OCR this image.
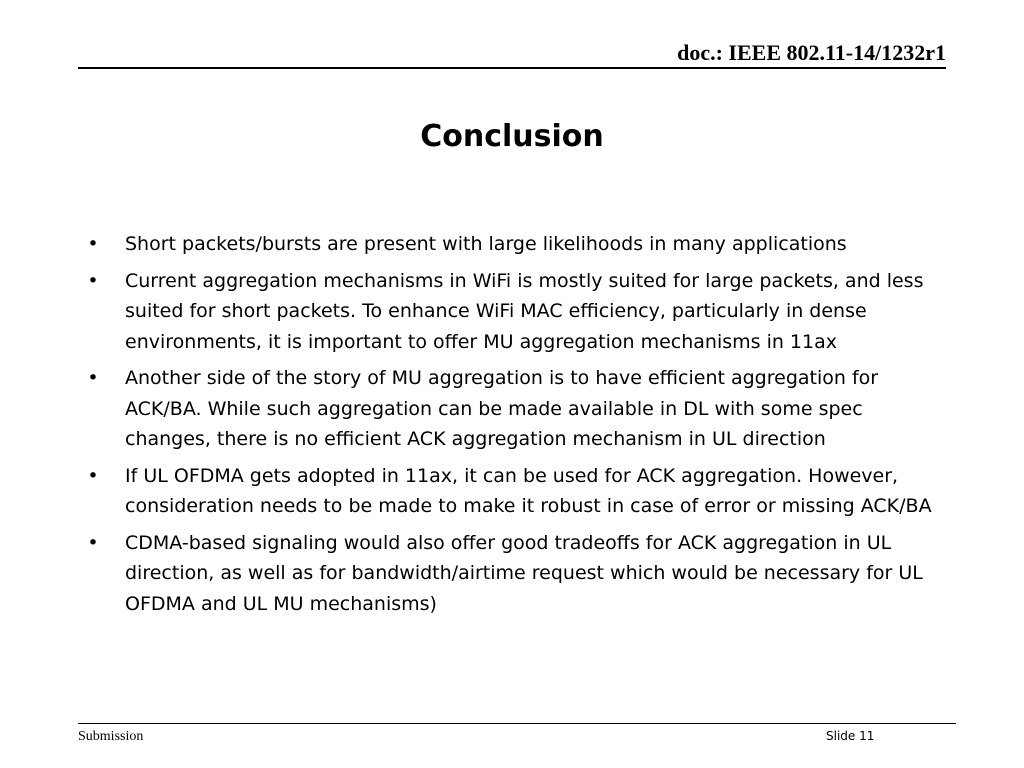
doc.: IEEE 802.11-14/1232r1
Conclusion
• Short packets/bursts are present with large likelihoods in many applications
• Current aggregation mechanisms in WiFi is mostly suited for large packets, and less suited for short packets. To enhance WiFi MAC efficiency, particularly in dense environments, it is important to offer MU aggregation mechanisms in 11ax
• Another side of the story of MU aggregation is to have efficient aggregation for ACK/BA. While such aggregation can be made available in DL with some spec changes, there is no efficient ACK aggregation mechanism in UL direction
• If UL OFDMA gets adopted in 11ax, it can be used for ACK aggregation. However, consideration needs to be made to make it robust in case of error or missing ACK/BA
• CDMA-based signaling would also offer good tradeoffs for ACK aggregation in UL direction, as well as for bandwidth/airtime request which would be necessary for UL OFDMA and UL MU mechanisms)
Submission	Slide 11
